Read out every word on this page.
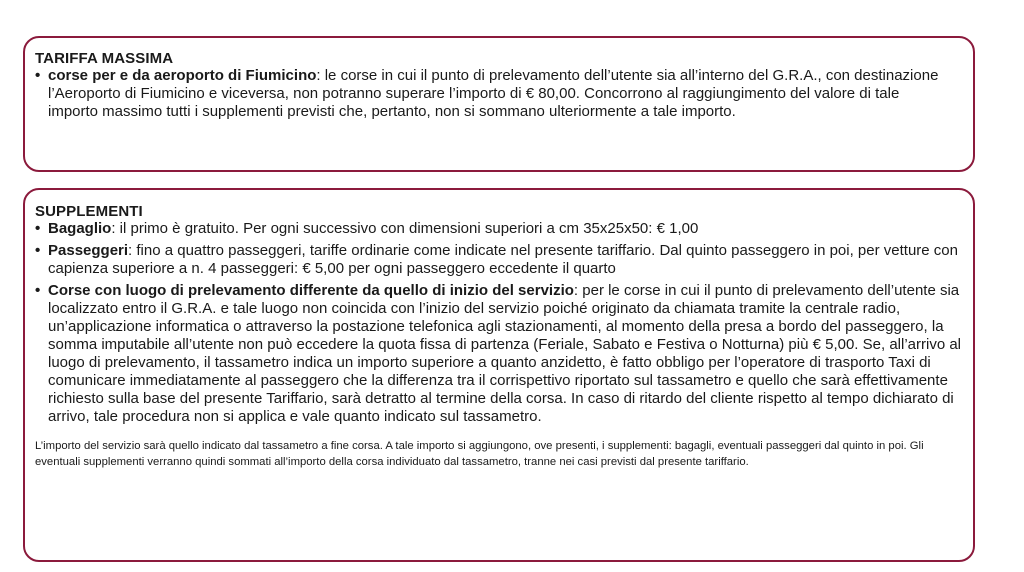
TARIFFA MASSIMA

• corse per e da aeroporto di Fiumicino: le corse in cui il punto di prelevamento dell’utente sia all’interno del G.R.A., con destinazione l’Aeroporto di Fiumicino e viceversa, non potranno superare l’importo di € 80,00. Concorrono al raggiungimento del valore di tale importo massimo tutti i supplementi previsti che, pertanto, non si sommano ulteriormente a tale importo.

SUPPLEMENTI

• Bagaglio: il primo è gratuito. Per ogni successivo con dimensioni superiori a cm 35x25x50: € 1,00

• Passeggeri: fino a quattro passeggeri, tariffe ordinarie come indicate nel presente tariffario. Dal quinto passeggero in poi, per vetture con capienza superiore a n. 4 passeggeri: € 5,00 per ogni passeggero eccedente il quarto

• Corse con luogo di prelevamento differente da quello di inizio del servizio: per le corse in cui il punto di prelevamento dell’utente sia localizzato entro il G.R.A. e tale luogo non coincida con l’inizio del servizio poiché originato da chiamata tramite la centrale radio, un’applicazione informatica o attraverso la postazione telefonica agli stazionamenti, al momento della presa a bordo del passeggero, la somma imputabile all’utente non può eccedere la quota fissa di partenza (Feriale, Sabato e Festiva o Notturna) più € 5,00. Se, all’arrivo al luogo di prelevamento, il tassametro indica un importo superiore a quanto anzidetto, è fatto obbligo per l’operatore di trasporto Taxi di comunicare immediatamente al passeggero che la differenza tra il corrispettivo riportato sul tassametro e quello che sarà effettivamente richiesto sulla base del presente Tariffario, sarà detratto al termine della corsa. In caso di ritardo del cliente rispetto al tempo dichiarato di arrivo, tale procedura non si applica e vale quanto indicato sul tassametro.

L’importo del servizio sarà quello indicato dal tassametro a fine corsa. A tale importo si aggiungono, ove presenti, i supplementi: bagagli, eventuali passeggeri dal quinto in poi. Gli eventuali supplementi verranno quindi sommati all’importo della corsa individuato dal tassametro, tranne nei casi previsti dal presente tariffario.
